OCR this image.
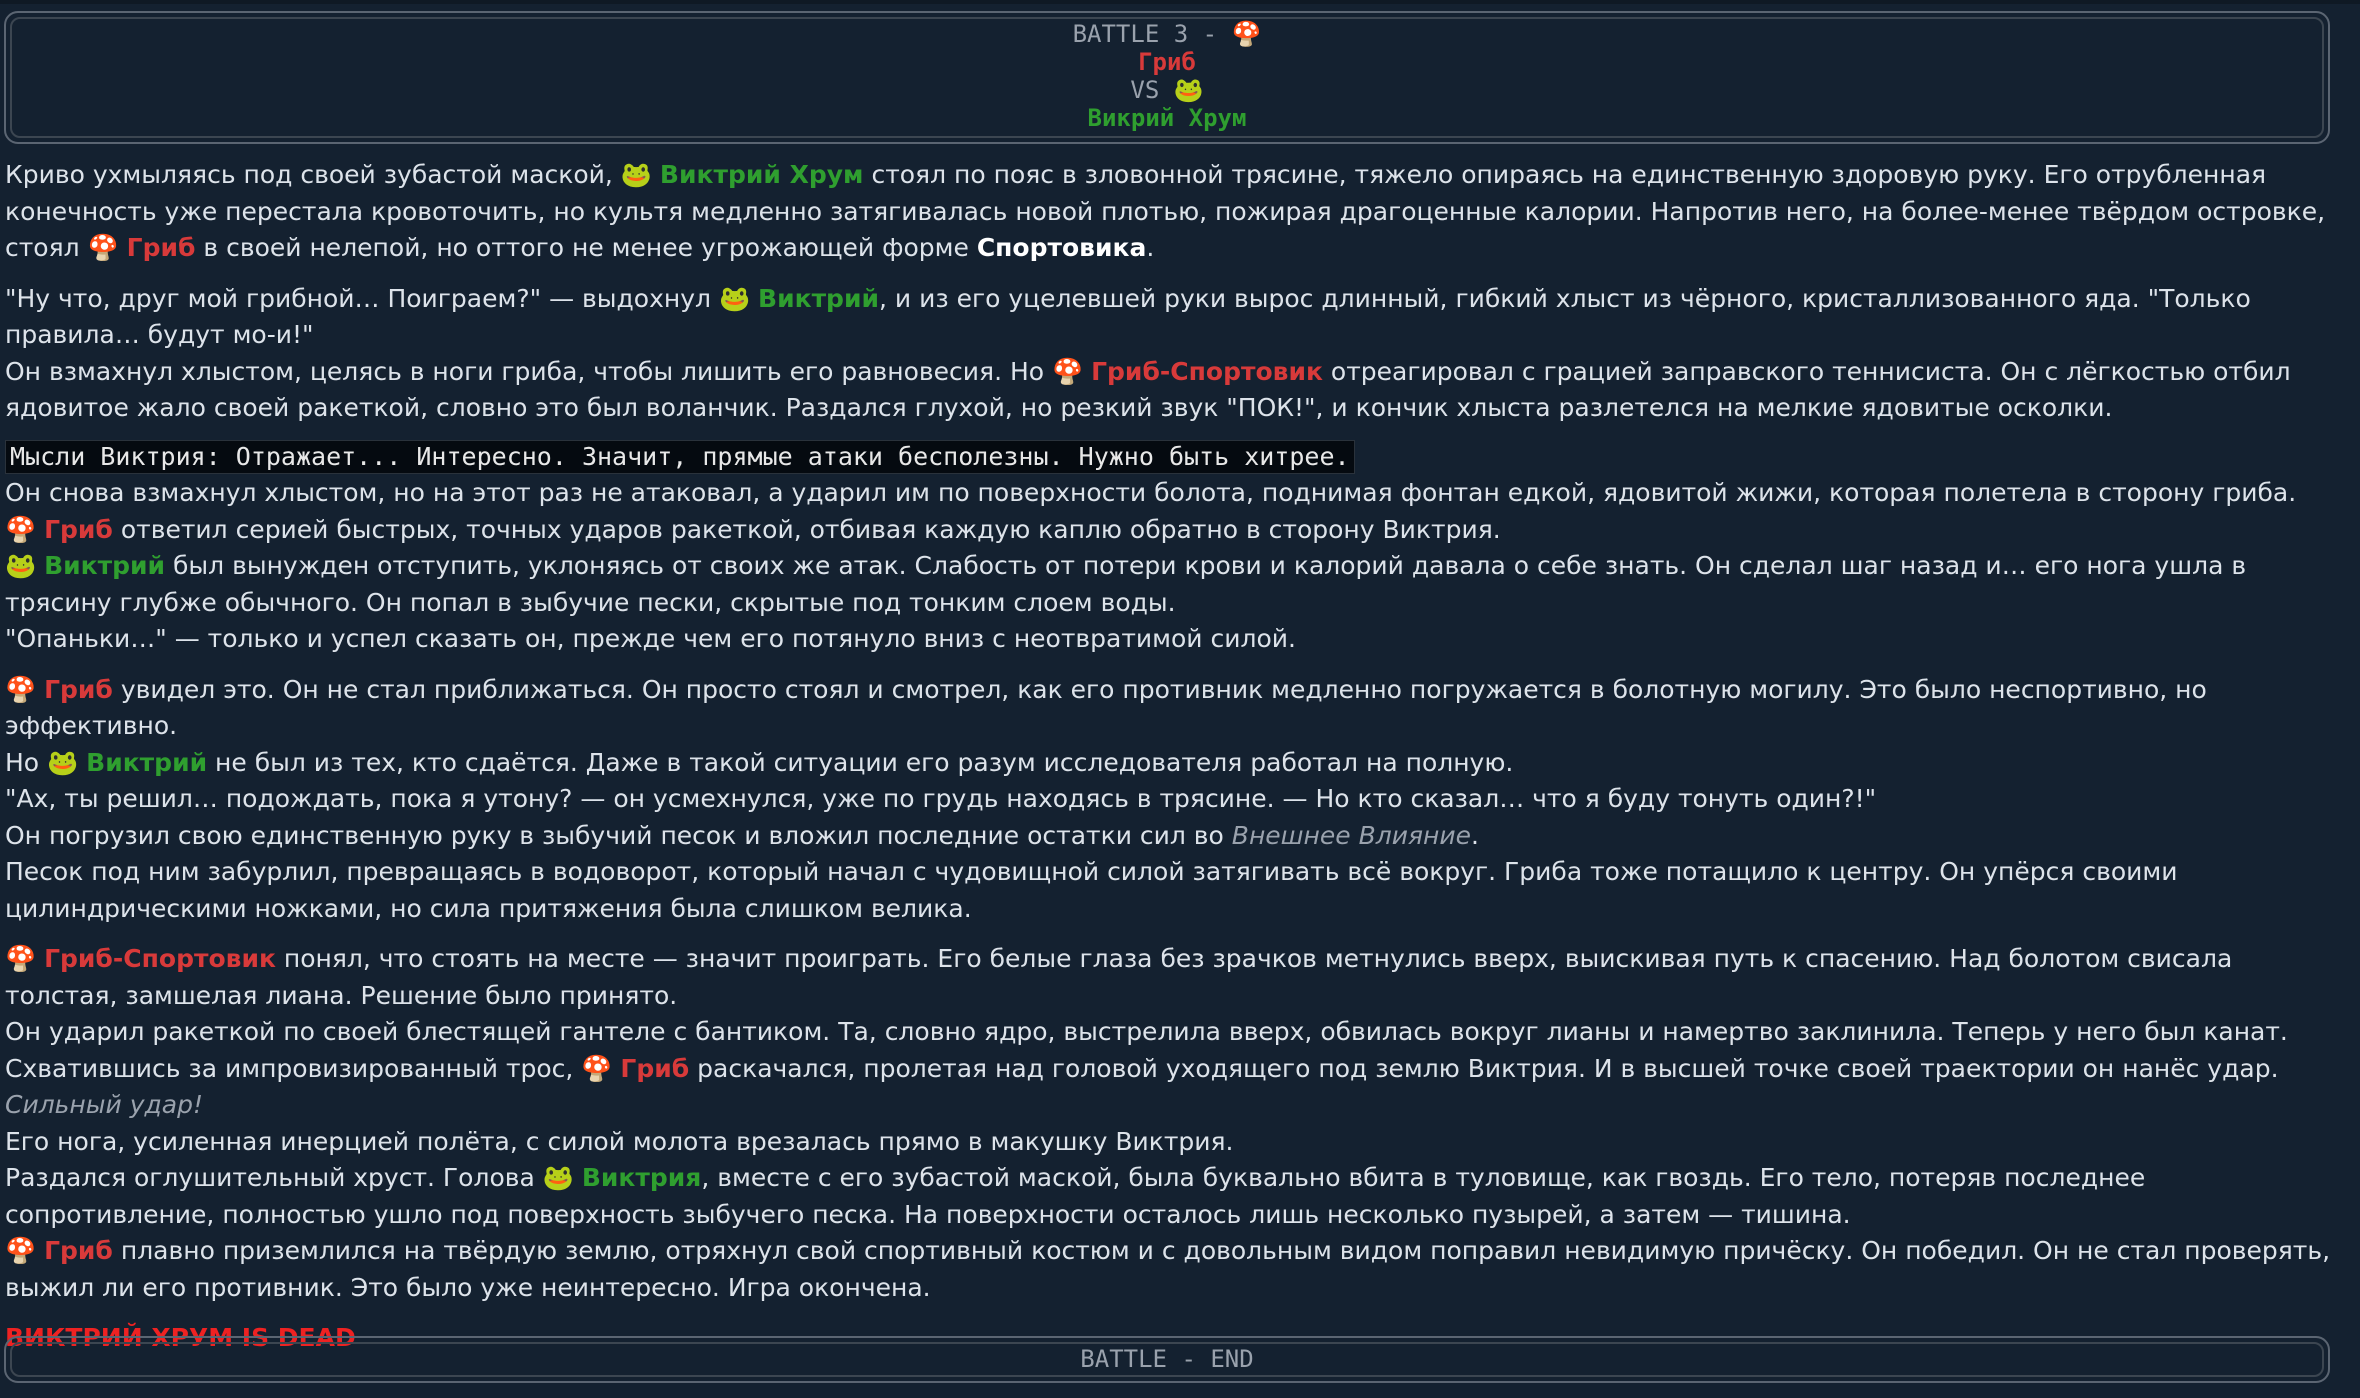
BATTLE 3 - 🍄
Гриб
VS 🐸
Викрий Хрум

Криво ухмыляясь под своей зубастой маской, 🐸 Виктрий Хрум стоял по пояс в зловонной трясине, тяжело опираясь на единственную здоровую руку. Его отрубленная конечность уже перестала кровоточить, но культя медленно затягивалась новой плотью, пожирая драгоценные калории. Напротив него, на более-менее твёрдом островке, стоял 🍄 Гриб в своей нелепой, но оттого не менее угрожающей форме Спортовика.

"Ну что, друг мой грибной… Поиграем?" — выдохнул 🐸 Виктрий, и из его уцелевшей руки вырос длинный, гибкий хлыст из чёрного, кристаллизованного яда. "Только правила… будут мо-и!"

Он взмахнул хлыстом, целясь в ноги гриба, чтобы лишить его равновесия. Но 🍄 Гриб-Спортовик отреагировал с грацией заправского теннисиста. Он с лёгкостью отбил ядовитое жало своей ракеткой, словно это был воланчик. Раздался глухой, но резкий звук "ПОК!", и кончик хлыста разлетелся на мелкие ядовитые осколки.

Мысли Виктрия: Отражает... Интересно. Значит, прямые атаки бесполезны. Нужно быть хитрее.

Он снова взмахнул хлыстом, но на этот раз не атаковал, а ударил им по поверхности болота, поднимая фонтан едкой, ядовитой жижи, которая полетела в сторону гриба. 🍄 Гриб ответил серией быстрых, точных ударов ракеткой, отбивая каждую каплю обратно в сторону Виктрия.

🐸 Виктрий был вынужден отступить, уклоняясь от своих же атак. Слабость от потери крови и калорий давала о себе знать. Он сделал шаг назад и… его нога ушла в трясину глубже обычного. Он попал в зыбучие пески, скрытые под тонким слоем воды.

"Опаньки…" — только и успел сказать он, прежде чем его потянуло вниз с неотвратимой силой.

🍄 Гриб увидел это. Он не стал приближаться. Он просто стоял и смотрел, как его противник медленно погружается в болотную могилу. Это было неспортивно, но эффективно.

Но 🐸 Виктрий не был из тех, кто сдаётся. Даже в такой ситуации его разум исследователя работал на полную.

"Ах, ты решил… подождать, пока я утону? — он усмехнулся, уже по грудь находясь в трясине. — Но кто сказал… что я буду тонуть один?!"

Он погрузил свою единственную руку в зыбучий песок и вложил последние остатки сил во Внешнее Влияние.

Песок под ним забурлил, превращаясь в водоворот, который начал с чудовищной силой затягивать всё вокруг. Гриба тоже потащило к центру. Он упёрся своими цилиндрическими ножками, но сила притяжения была слишком велика.

🍄 Гриб-Спортовик понял, что стоять на месте — значит проиграть. Его белые глаза без зрачков метнулись вверх, выискивая путь к спасению. Над болотом свисала толстая, замшелая лиана. Решение было принято.

Он ударил ракеткой по своей блестящей гантеле с бантиком. Та, словно ядро, выстрелила вверх, обвилась вокруг лианы и намертво заклинила. Теперь у него был канат.

Схватившись за импровизированный трос, 🍄 Гриб раскачался, пролетая над головой уходящего под землю Виктрия. И в высшей точке своей траектории он нанёс удар.

Сильный удар!

Его нога, усиленная инерцией полёта, с силой молота врезалась прямо в макушку Виктрия.

Раздался оглушительный хруст. Голова 🐸 Виктрия, вместе с его зубастой маской, была буквально вбита в туловище, как гвоздь. Его тело, потеряв последнее сопротивление, полностью ушло под поверхность зыбучего песка. На поверхности осталось лишь несколько пузырей, а затем — тишина.

🍄 Гриб плавно приземлился на твёрдую землю, отряхнул свой спортивный костюм и с довольным видом поправил невидимую причёску. Он победил. Он не стал проверять, выжил ли его противник. Это было уже неинтересно. Игра окончена.

ВИКТРИЙ ХРУМ IS DEAD

BATTLE - END
